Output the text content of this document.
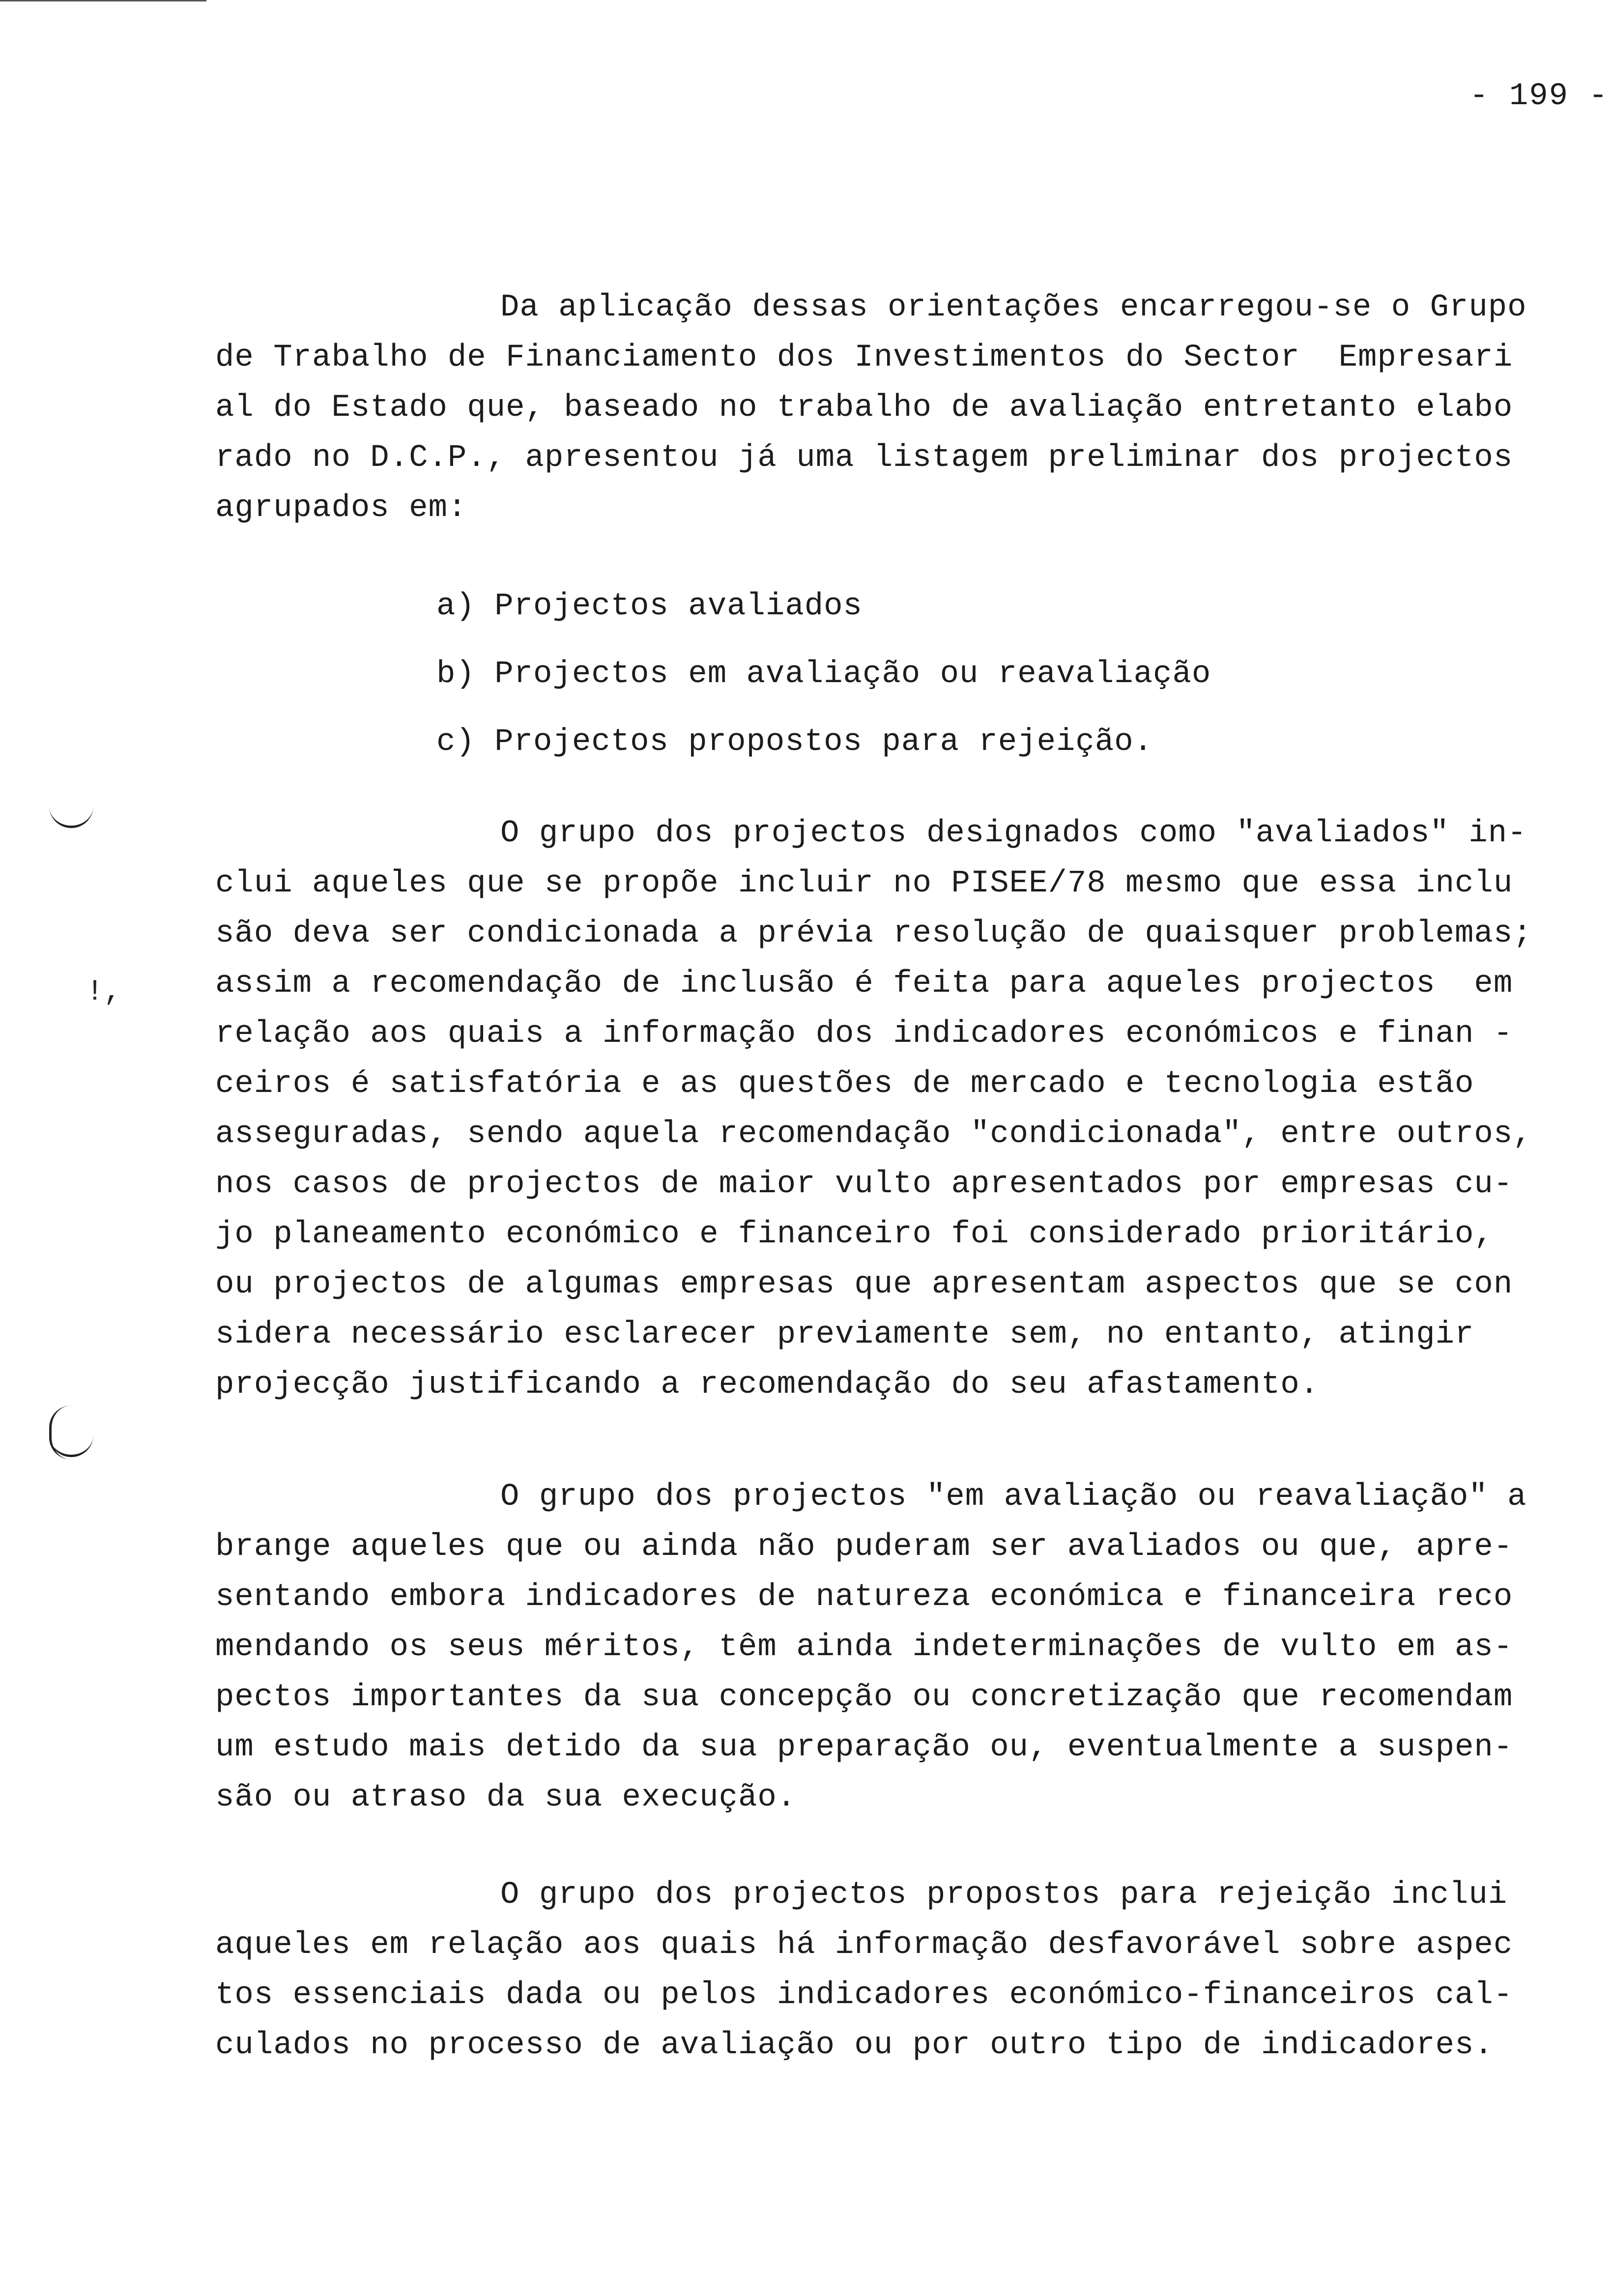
- 199 -

Da aplicação dessas orientações encarregou-se o Grupo
de Trabalho de Financiamento dos Investimentos do Sector  Empresari
al do Estado que, baseado no trabalho de avaliação entretanto elabo
rado no D.C.P., apresentou já uma listagem preliminar dos projectos
agrupados em:

a) Projectos avaliados
b) Projectos em avaliação ou reavaliação
c) Projectos propostos para rejeição.

O grupo dos projectos designados como "avaliados" in-
clui aqueles que se propõe incluir no PISEE/78 mesmo que essa inclu
são deva ser condicionada a prévia resolução de quaisquer problemas;
assim a recomendação de inclusão é feita para aqueles projectos  em
relação aos quais a informação dos indicadores económicos e finan -
ceiros é satisfatória e as questões de mercado e tecnologia estão
asseguradas, sendo aquela recomendação "condicionada", entre outros,
nos casos de projectos de maior vulto apresentados por empresas cu-
jo planeamento económico e financeiro foi considerado prioritário,
ou projectos de algumas empresas que apresentam aspectos que se con
sidera necessário esclarecer previamente sem, no entanto, atingir
projecção justificando a recomendação do seu afastamento.

O grupo dos projectos "em avaliação ou reavaliação" a
brange aqueles que ou ainda não puderam ser avaliados ou que, apre-
sentando embora indicadores de natureza económica e financeira reco
mendando os seus méritos, têm ainda indeterminações de vulto em as-
pectos importantes da sua concepção ou concretização que recomendam
um estudo mais detido da sua preparação ou, eventualmente a suspen-
são ou atraso da sua execução.

O grupo dos projectos propostos para rejeição inclui
aqueles em relação aos quais há informação desfavorável sobre aspec
tos essenciais dada ou pelos indicadores económico-financeiros cal-
culados no processo de avaliação ou por outro tipo de indicadores.

!,
